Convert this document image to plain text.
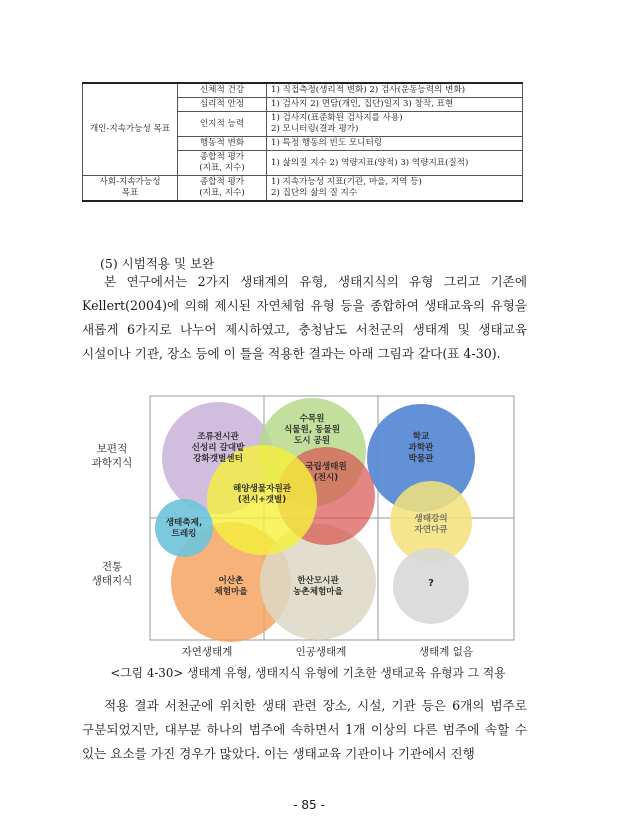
개인-지속가능성 목표	신체적 건강	1) 직접측정(생리적 변화) 2) 검사(운동능력의 변화)
	심리적 안정	1) 검사지 2) 면담(개인, 집단)일지 3) 창작, 표현
	인지적 능력	1) 검사지(표준화된 검사지를 사용)
2) 모니터링(결과 평가)

	행동적 변화	1) 특정 행동의 빈도 모니터링

	종합적 평가
(지표, 지수)	1) 삶의질 지수 2) 역량지표(양적) 3) 역량지표(질적)

사회-지속가능성
목표	종합적 평가
(지표, 지수)	1) 지속가능성 지표(기관, 마을, 지역 등)
2) 집단의 삶의 질 지수
(5) 시범적용 및 보완
본 연구에서는 2가지 생태계의 유형, 생태지식의 유형 그리고 기존에 Kellert(2004)에 의해 제시된 자연체험 유형 등을 종합하여 생태교육의 유형을 새롭게 6가지로 나누어 제시하였고, 충청남도 서천군의 생태계 및 생태교육 시설이나 기관, 장소 등에 이 틀을 적용한 결과는 아래 그림과 같다(표 4-30).
보편적
과학지식
전통
생태지식
자연생태계	인공생태계	생태계 없음
조류전시관
신성리 갈대밭
강화갯벌센터
수목원
식물원, 동물원
도시 공원	학교
과학관
박물관
국립생태원
(전시)
해양생물자원관
(전시+갯벌)
생태축제,
트레킹
생태강의
자연다큐
어산촌
체험마을
한산모시관
농촌체험마을
?
<그림 4-30> 생태계 유형, 생태지식 유형에 기초한 생태교육 유형과 그 적용
적용 결과 서천군에 위치한 생태 관련 장소, 시설, 기관 등은 6개의 범주로 구분되었지만, 대부분 하나의 범주에 속하면서 1개 이상의 다른 범주에 속할 수 있는 요소를 가진 경우가 많았다. 이는 생태교육 기관이나 기관에서 진행
- 85 -
